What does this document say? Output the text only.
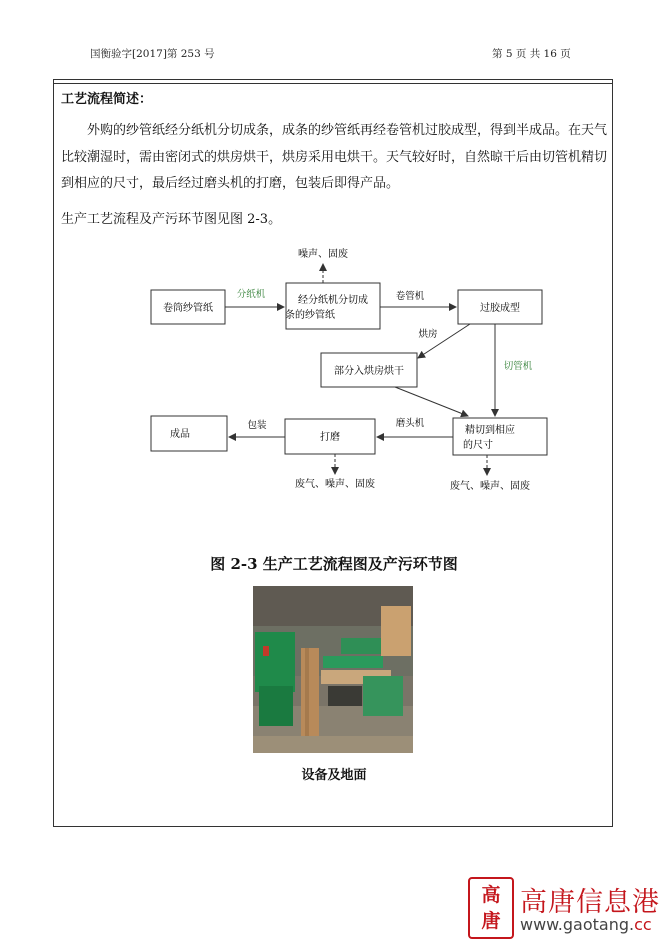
国衡验字[2017]第 253 号	第 5 页 共 16 页
工艺流程简述：

外购的纱管纸经分纸机分切成条，成条的纱管纸再经卷管机过胶成型，得到半成品。在天气比较潮湿时，需由密闭式的烘房烘干，烘房采用电烘干。天气较好时，自然晾干后由切管机精切到相应的尺寸，最后经过磨头机的打磨，包装后即得产品。

生产工艺流程及产污环节图见图 2-3。
卷筒纱管纸
经分纸机分切成
条的纱管纸
过胶成型
部分入烘房烘干
精切到相应
的尺寸
打磨
成品
分纸机	卷管机
烘房
切管机
磨头机
包装
噪声、固废
废气、噪声、固废	废气、噪声、固废
图 2-3 生产工艺流程图及产污环节图
设备及地面
高
唐
高唐信息港
www.gaotang.cc
